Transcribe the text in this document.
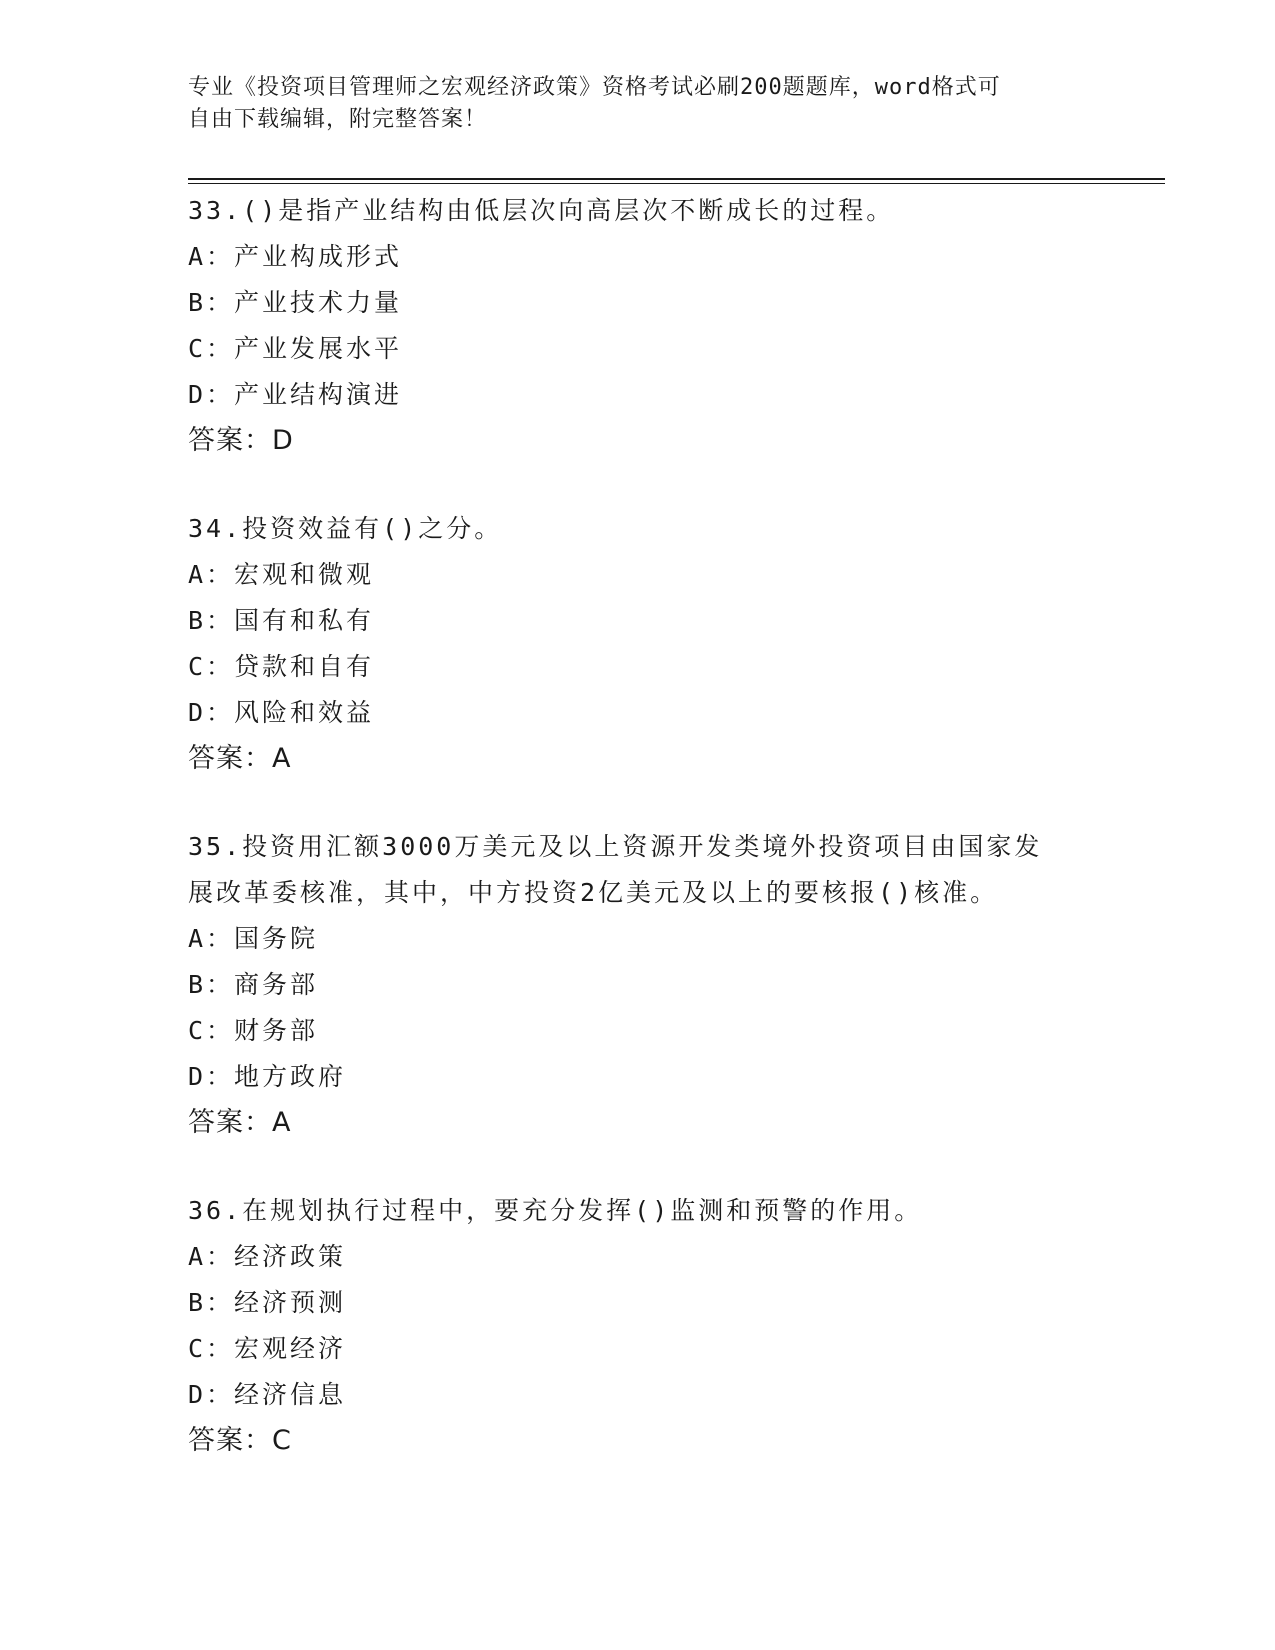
专业《投资项目管理师之宏观经济政策》资格考试必刷200题题库，word格式可
自由下载编辑，附完整答案！
33.()是指产业结构由低层次向高层次不断成长的过程。
A：产业构成形式
B：产业技术力量
C：产业发展水平
D：产业结构演进
答案：D
34.投资效益有()之分。
A：宏观和微观
B：国有和私有
C：贷款和自有
D：风险和效益
答案：A
35.投资用汇额3000万美元及以上资源开发类境外投资项目由国家发
展改革委核准，其中，中方投资2亿美元及以上的要核报()核准。
A：国务院
B：商务部
C：财务部
D：地方政府
答案：A
36.在规划执行过程中，要充分发挥()监测和预警的作用。
A：经济政策
B：经济预测
C：宏观经济
D：经济信息
答案：C
